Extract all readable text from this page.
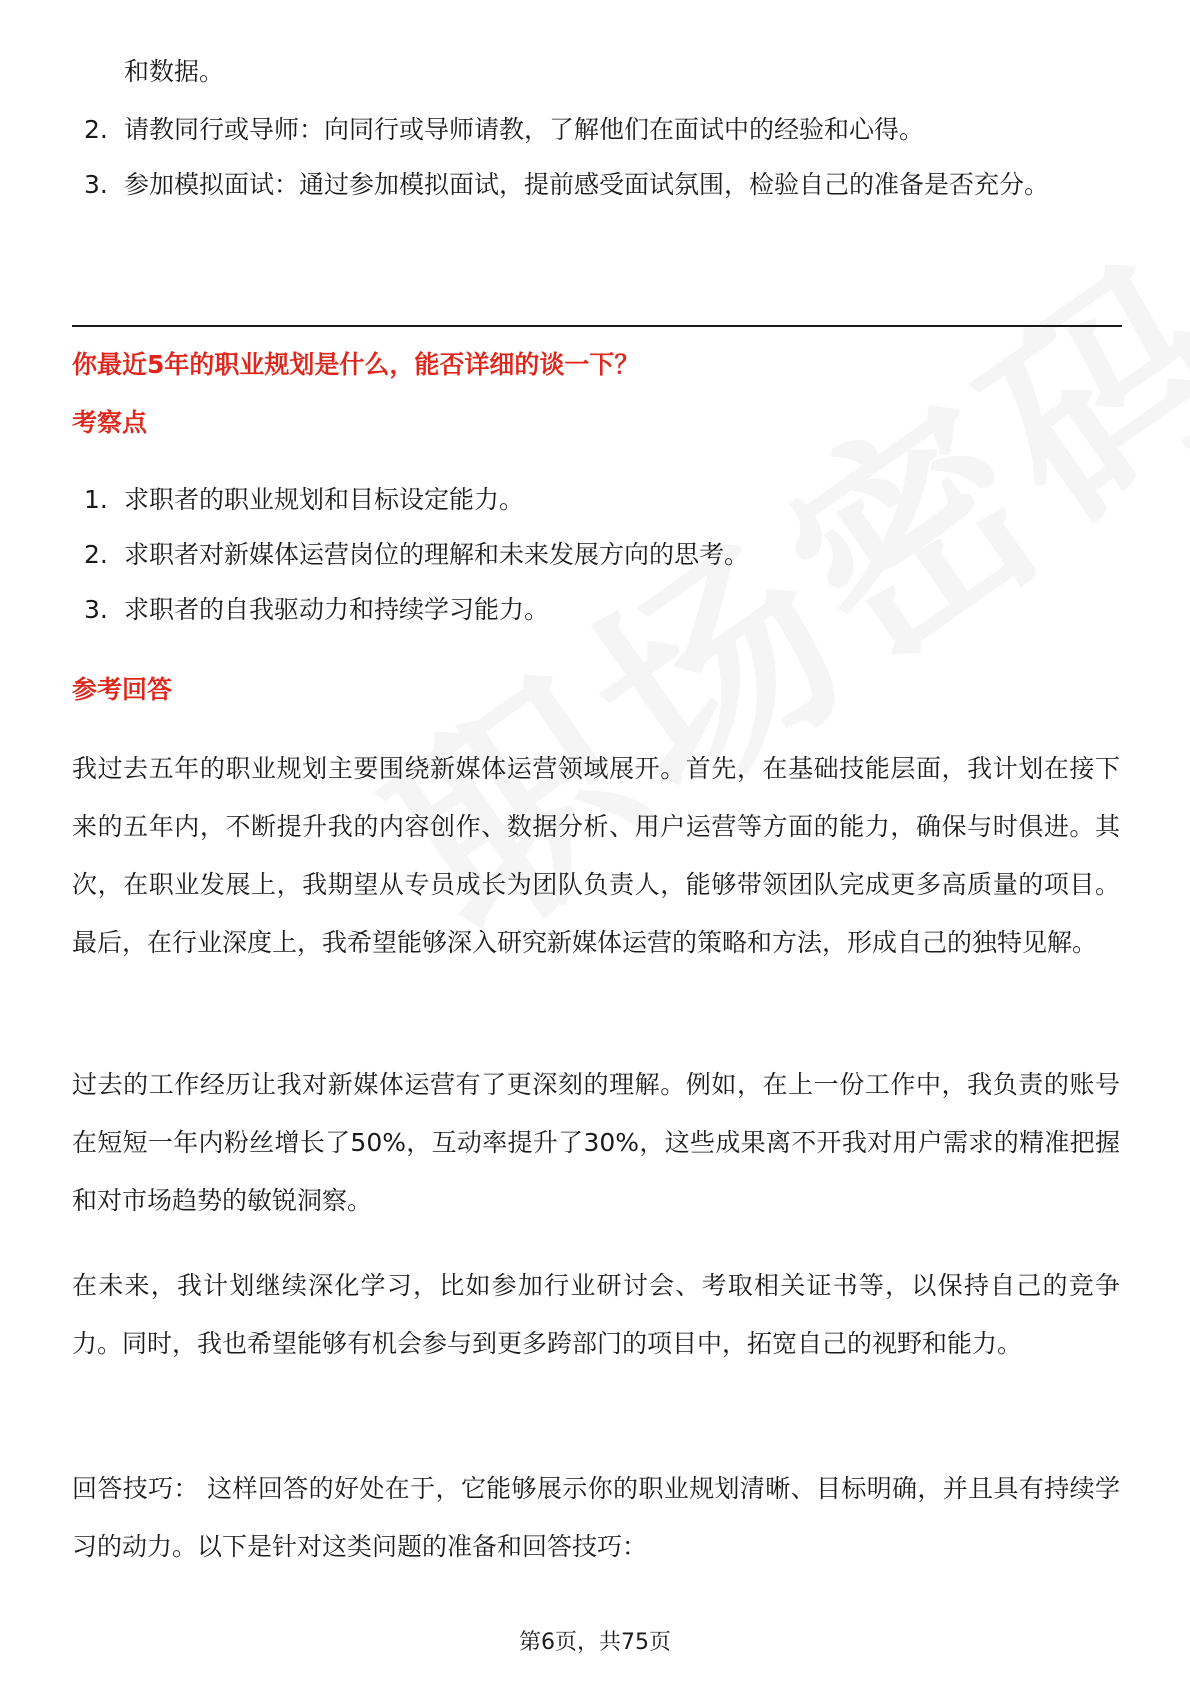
和数据。
2. 请教同行或导师：向同行或导师请教，了解他们在面试中的经验和心得。
3. 参加模拟面试：通过参加模拟面试，提前感受面试氛围，检验自己的准备是否充分。
你最近5年的职业规划是什么，能否详细的谈一下？
考察点
1. 求职者的职业规划和目标设定能力。
2. 求职者对新媒体运营岗位的理解和未来发展方向的思考。
3. 求职者的自我驱动力和持续学习能力。
参考回答

我过去五年的职业规划主要围绕新媒体运营领域展开。首先，在基础技能层面，我计划在接下来的五年内，不断提升我的内容创作、数据分析、用户运营等方面的能力，确保与时俱进。其次，在职业发展上，我期望从专员成长为团队负责人，能够带领团队完成更多高质量的项目。最后，在行业深度上，我希望能够深入研究新媒体运营的策略和方法，形成自己的独特见解。

过去的工作经历让我对新媒体运营有了更深刻的理解。例如，在上一份工作中，我负责的账号在短短一年内粉丝增长了50%，互动率提升了30%，这些成果离不开我对用户需求的精准把握和对市场趋势的敏锐洞察。

在未来，我计划继续深化学习，比如参加行业研讨会、考取相关证书等，以保持自己的竞争力。同时，我也希望能够有机会参与到更多跨部门的项目中，拓宽自己的视野和能力。

回答技巧： 这样回答的好处在于，它能够展示你的职业规划清晰、目标明确，并且具有持续学习的动力。以下是针对这类问题的准备和回答技巧：

第6页，共75页
